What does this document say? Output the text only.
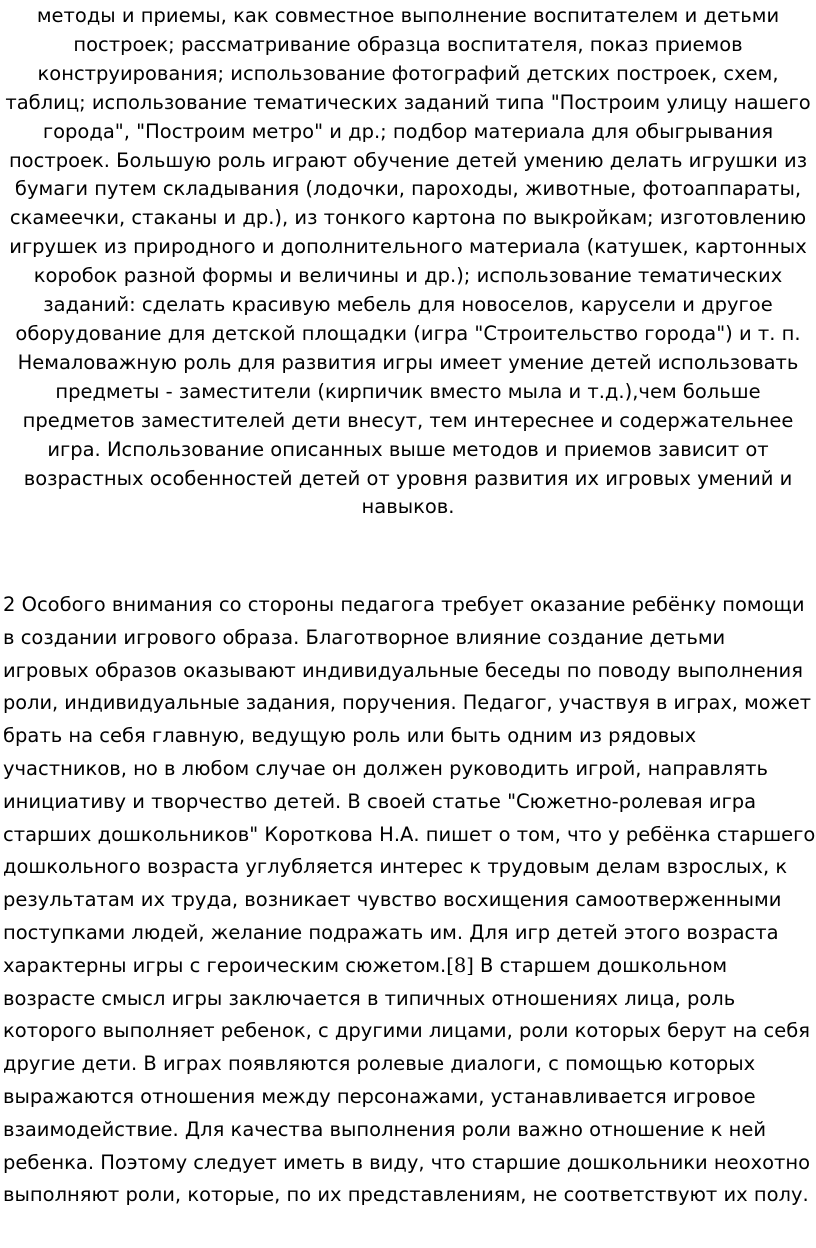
методы и приемы, как совместное выполнение воспитателем и детьми
построек; рассматривание образца воспитателя, показ приемов
конструирования; использование фотографий детских построек, схем,
таблиц; использование тематических заданий типа "Построим улицу нашего
города", "Построим метро" и др.; подбор материала для обыгрывания
построек. Большую роль играют обучение детей умению делать игрушки из
бумаги путем складывания (лодочки, пароходы, животные, фотоаппараты,
скамеечки, стаканы и др.), из тонкого картона по выкройкам; изготовлению
игрушек из природного и дополнительного материала (катушек, картонных
коробок разной формы и величины и др.); использование тематических
заданий: сделать красивую мебель для новоселов, карусели и другое
оборудование для детской площадки (игра "Строительство города") и т. п.
Немаловажную роль для развития игры имеет умение детей использовать
предметы - заместители (кирпичик вместо мыла и т.д.),чем больше
предметов заместителей дети внесут, тем интереснее и содержательнее
игра. Использование описанных выше методов и приемов зависит от
возрастных особенностей детей от уровня развития их игровых умений и
навыков.
2 Особого внимания со стороны педагога требует оказание ребёнку помощи
в создании игрового образа. Благотворное влияние создание детьми
игровых образов оказывают индивидуальные беседы по поводу выполнения
роли, индивидуальные задания, поручения. Педагог, участвуя в играх, может
брать на себя главную, ведущую роль или быть одним из рядовых
участников, но в любом случае он должен руководить игрой, направлять
инициативу и творчество детей. В своей статье "Сюжетно-ролевая игра
старших дошкольников" Короткова Н.А. пишет о том, что у ребёнка старшего
дошкольного возраста углубляется интерес к трудовым делам взрослых, к
результатам их труда, возникает чувство восхищения самоотверженными
поступками людей, желание подражать им. Для игр детей этого возраста
характерны игры с героическим сюжетом.[8] В старшем дошкольном
возрасте смысл игры заключается в типичных отношениях лица, роль
которого выполняет ребенок, с другими лицами, роли которых берут на себя
другие дети. В играх появляются ролевые диалоги, с помощью которых
выражаются отношения между персонажами, устанавливается игровое
взаимодействие. Для качества выполнения роли важно отношение к ней
ребенка. Поэтому следует иметь в виду, что старшие дошкольники неохотно
выполняют роли, которые, по их представлениям, не соответствуют их полу.
